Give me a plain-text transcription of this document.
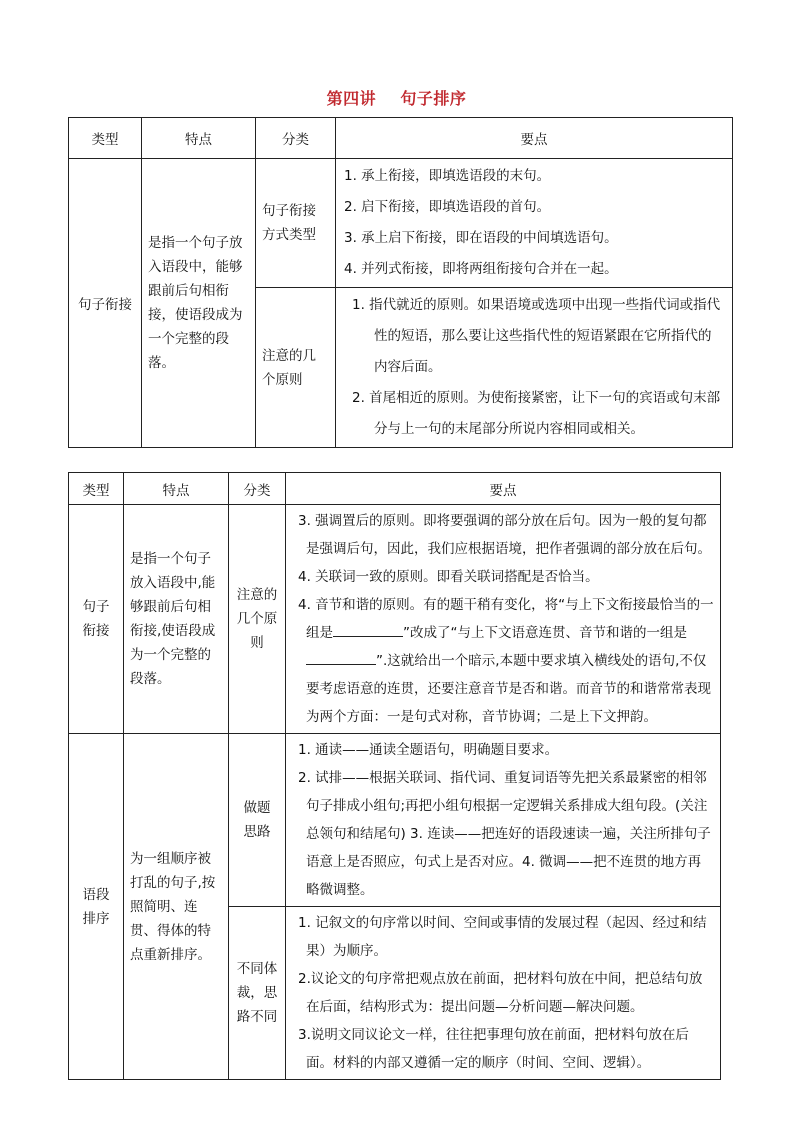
第四讲    句子排序
类型	特点	分类	要点
句子衔接	是指一个句子放入语段中，能够跟前后句相衔接，使语段成为一个完整的段落。	句子衔接方式类型	1. 承上衔接，即填选语段的末句。

2. 启下衔接，即填选语段的首句。

3. 承上启下衔接，即在语段的中间填选语句。

4. 并列式衔接，即将两组衔接句合并在一起。

		注意的几个原则	1. 指代就近的原则。如果语境或选项中出现一些指代词或指代性的短语，那么要让这些指代性的短语紧跟在它所指代的内容后面。

2. 首尾相近的原则。为使衔接紧密，让下一句的宾语或句末部分与上一句的末尾部分所说内容相同或相关。

类型	特点	分类	要点

句子衔接	是指一个句子放入语段中,能够跟前后句相衔接,使语段成为一个完整的段落。	注意的几个原则	3. 强调置后的原则。即将要强调的部分放在后句。因为一般的复句都是强调后句，因此，我们应根据语境，把作者强调的部分放在后句。

4. 关联词一致的原则。即看关联词搭配是否恰当。

4. 音节和谐的原则。有的题干稍有变化，将“与上下文衔接最恰当的一组是 ”改成了“与上下文语意连贯、音节和谐的一组是”.这就给出一个暗示,本题中要求填入横线处的语句,不仅要考虑语意的连贯，还要注意音节是否和谐。而音节的和谐常常表现为两个方面：一是句式对称，音节协调；二是上下文押韵。

语段排序	为一组顺序被打乱的句子,按照简明、连贯、得体的特点重新排序。	做题思路	1. 通读——通读全题语句，明确题目要求。

2. 试排——根据关联词、指代词、重复词语等先把关系最紧密的相邻句子排成小组句;再把小组句根据一定逻辑关系排成大组句段。(关注总领句和结尾句) 3. 连读——把连好的语段速读一遍，关注所排句子语意上是否照应，句式上是否对应。4. 微调——把不连贯的地方再略微调整。

		不同体裁，思路不同	1. 记叙文的句序常以时间、空间或事情的发展过程（起因、经过和结果）为顺序。

2.议论文的句序常把观点放在前面，把材料句放在中间，把总结句放在后面，结构形式为：提出问题—分析问题—解决问题。

3.说明文同议论文一样，往往把事理句放在前面，把材料句放在后面。材料的内部又遵循一定的顺序（时间、空间、逻辑）。
